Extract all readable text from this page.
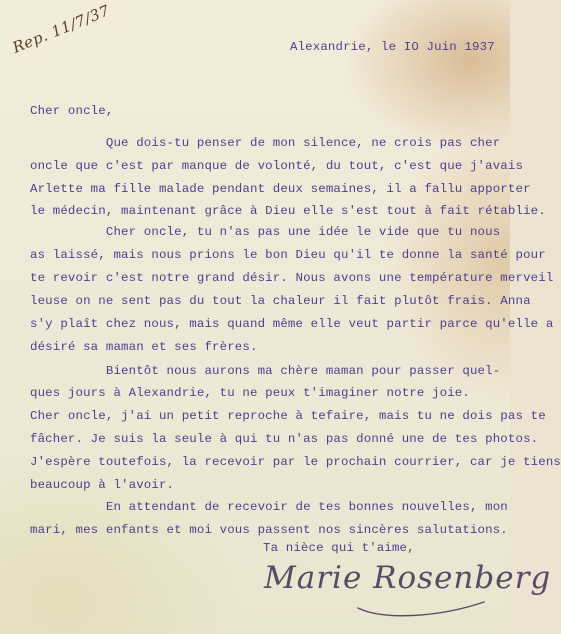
Rep. 11/7/37	Alexandrie, le IO Juin 1937
Cher oncle,
Que dois-tu penser de mon silence, ne crois pas cher
oncle que c'est par manque de volonté, du tout, c'est que j'avais
Arlette ma fille malade pendant deux semaines, il a fallu apporter
le médecin, maintenant grâce à Dieu elle s'est tout à fait rétablie.
Cher oncle, tu n'as pas une idée le vide que tu nous
as laissé, mais nous prions le bon Dieu qu'il te donne la santé pour
te revoir c'est notre grand désir. Nous avons une température merveil
leuse on ne sent pas du tout la chaleur il fait plutôt frais. Anna
s'y plaît chez nous, mais quand même elle veut partir parce qu'elle a
désiré sa maman et ses frères.
Bientôt nous aurons ma chère maman pour passer quel-
ques jours à Alexandrie, tu ne peux t'imaginer notre joie.
Cher oncle, j'ai un petit reproche à tefaire, mais tu ne dois pas te
fâcher. Je suis la seule à qui tu n'as pas donné une de tes photos.
J'espère toutefois, la recevoir par le prochain courrier, car je tiens
beaucoup à l'avoir.
En attendant de recevoir de tes bonnes nouvelles, mon
mari, mes enfants et moi vous passent nos sincères salutations.
Ta nièce qui t'aime,
Marie Rosenberg
